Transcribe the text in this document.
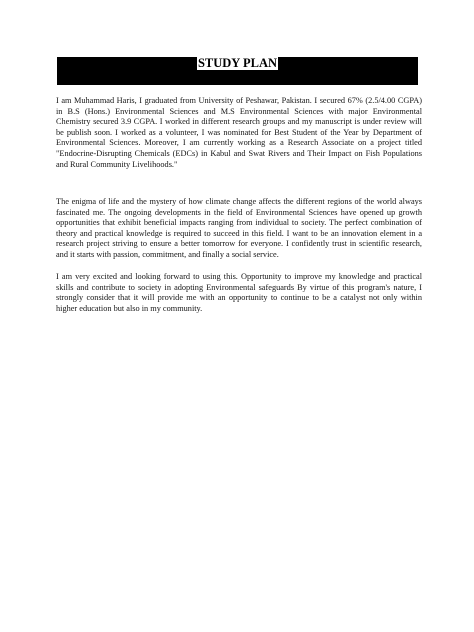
STUDY PLAN

I am Muhammad Haris, I graduated from University of Peshawar, Pakistan. I secured 67% (2.5/4.00 CGPA) in B.S (Hons.) Environmental Sciences and M.S Environmental Sciences with major Environmental Chemistry secured 3.9 CGPA. I worked in different research groups and my manuscript is under review will be publish soon. I worked as a volunteer, I was nominated for Best Student of the Year by Department of Environmental Sciences. Moreover, I am currently working as a Research Associate on a project titled "Endocrine-Disrupting Chemicals (EDCs) in Kabul and Swat Rivers and Their Impact on Fish Populations and Rural Community Livelihoods."

The enigma of life and the mystery of how climate change affects the different regions of the world always fascinated me. The ongoing developments in the field of Environmental Sciences have opened up growth opportunities that exhibit beneficial impacts ranging from individual to society. The perfect combination of theory and practical knowledge is required to succeed in this field. I want to be an innovation element in a research project striving to ensure a better tomorrow for everyone. I confidently trust in scientific research, and it starts with passion, commitment, and finally a social service.

I am very excited and looking forward to using this. Opportunity to improve my knowledge and practical skills and contribute to society in adopting Environmental safeguards By virtue of this program's nature, I strongly consider that it will provide me with an opportunity to continue to be a catalyst not only within higher education but also in my community.
